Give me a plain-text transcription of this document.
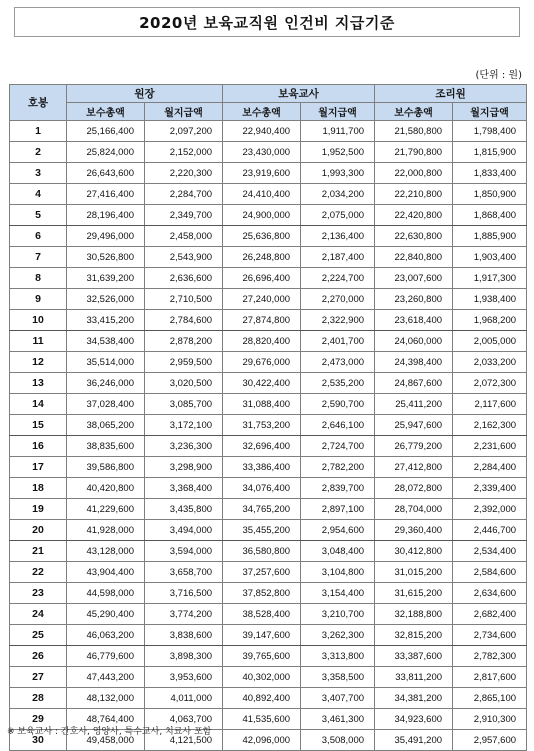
2020년 보육교직원 인건비 지급기준
(단위 : 원)
호봉	원장		보육교사		조리원	
	보수총액	월지급액	보수총액	월지급액	보수총액	월지급액
1	25,166,400	2,097,200	22,940,400	1,911,700	21,580,800	1,798,400
2	25,824,000	2,152,000	23,430,000	1,952,500	21,790,800	1,815,900
3	26,643,600	2,220,300	23,919,600	1,993,300	22,000,800	1,833,400
4	27,416,400	2,284,700	24,410,400	2,034,200	22,210,800	1,850,900
5	28,196,400	2,349,700	24,900,000	2,075,000	22,420,800	1,868,400
6	29,496,000	2,458,000	25,636,800	2,136,400	22,630,800	1,885,900
7	30,526,800	2,543,900	26,248,800	2,187,400	22,840,800	1,903,400
8	31,639,200	2,636,600	26,696,400	2,224,700	23,007,600	1,917,300
9	32,526,000	2,710,500	27,240,000	2,270,000	23,260,800	1,938,400
10	33,415,200	2,784,600	27,874,800	2,322,900	23,618,400	1,968,200
11	34,538,400	2,878,200	28,820,400	2,401,700	24,060,000	2,005,000
12	35,514,000	2,959,500	29,676,000	2,473,000	24,398,400	2,033,200
13	36,246,000	3,020,500	30,422,400	2,535,200	24,867,600	2,072,300
14	37,028,400	3,085,700	31,088,400	2,590,700	25,411,200	2,117,600
15	38,065,200	3,172,100	31,753,200	2,646,100	25,947,600	2,162,300
16	38,835,600	3,236,300	32,696,400	2,724,700	26,779,200	2,231,600
17	39,586,800	3,298,900	33,386,400	2,782,200	27,412,800	2,284,400
18	40,420,800	3,368,400	34,076,400	2,839,700	28,072,800	2,339,400
19	41,229,600	3,435,800	34,765,200	2,897,100	28,704,000	2,392,000
20	41,928,000	3,494,000	35,455,200	2,954,600	29,360,400	2,446,700
21	43,128,000	3,594,000	36,580,800	3,048,400	30,412,800	2,534,400
22	43,904,400	3,658,700	37,257,600	3,104,800	31,015,200	2,584,600
23	44,598,000	3,716,500	37,852,800	3,154,400	31,615,200	2,634,600
24	45,290,400	3,774,200	38,528,400	3,210,700	32,188,800	2,682,400
25	46,063,200	3,838,600	39,147,600	3,262,300	32,815,200	2,734,600
26	46,779,600	3,898,300	39,765,600	3,313,800	33,387,600	2,782,300
27	47,443,200	3,953,600	40,302,000	3,358,500	33,811,200	2,817,600
28	48,132,000	4,011,000	40,892,400	3,407,700	34,381,200	2,865,100
29	48,764,400	4,063,700	41,535,600	3,461,300	34,923,600	2,910,300
30	49,458,000	4,121,500	42,096,000	3,508,000	35,491,200	2,957,600
※ 보육교사 : 간호사, 영양사, 특수교사, 치료사 포함
